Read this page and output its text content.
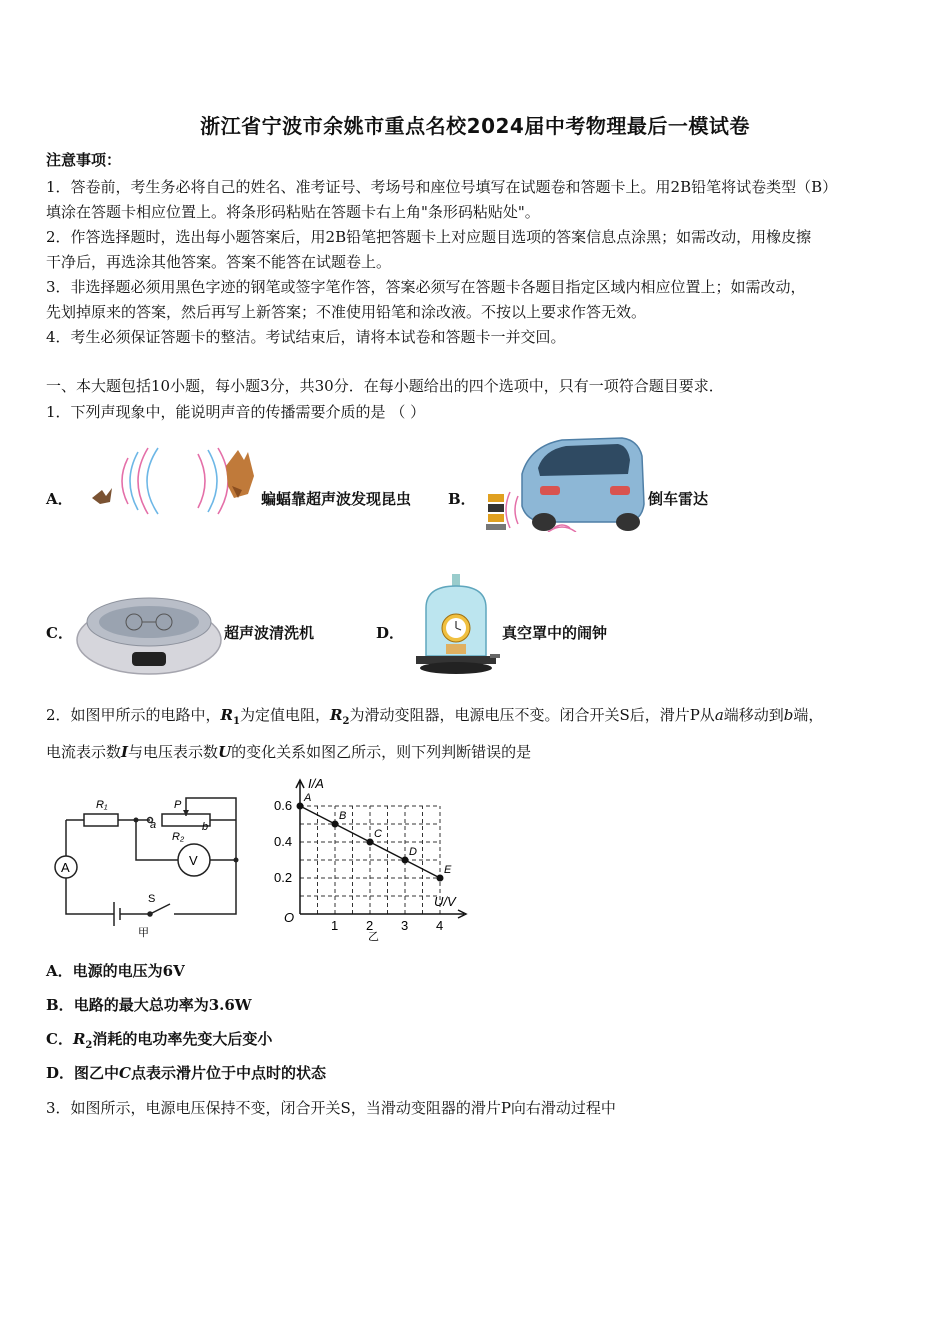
浙江省宁波市余姚市重点名校2024届中考物理最后一模试卷
注意事项：
1．答卷前，考生务必将自己的姓名、准考证号、考场号和座位号填写在试题卷和答题卡上。用2B铅笔将试卷类型（B）
填涂在答题卡相应位置上。将条形码粘贴在答题卡右上角"条形码粘贴处"。
2．作答选择题时，选出每小题答案后，用2B铅笔把答题卡上对应题目选项的答案信息点涂黑；如需改动，用橡皮擦
干净后，再选涂其他答案。答案不能答在试题卷上。
3．非选择题必须用黑色字迹的钢笔或签字笔作答，答案必须写在答题卡各题目指定区域内相应位置上；如需改动，
先划掉原来的答案，然后再写上新答案；不准使用铅笔和涂改液。不按以上要求作答无效。
4．考生必须保证答题卡的整洁。考试结束后，请将本试卷和答题卡一并交回。
一、本大题包括10小题，每小题3分，共30分．在每小题给出的四个选项中，只有一项符合题目要求．
1．下列声现象中，能说明声音的传播需要介质的是 （ ）
A．	蝙蝠靠超声波发现昆虫 B．	倒车雷达
C．	超声波清洗机	D．	真空罩中的闹钟
2．如图甲所示的电路中，$R_1$为定值电阻，$R_2$为滑动变阻器，电源电压不变。闭合开关S后，滑片P从a端移动到b端，
电流表示数I与电压表示数U的变化关系如图乙所示，则下列判断错误的是
R₁
R₂
P
a	b
A	V
S
甲	1 2 3 4
0.2
0.4
0.6 A
B
C
D
E
I/A
U/V
O
乙
A．电源的电压为6V
B．电路的最大总功率为3.6W
C．$R_2$消耗的电功率先变大后变小
D．图乙中C点表示滑片位于中点时的状态
3．如图所示，电源电压保持不变，闭合开关S，当滑动变阻器的滑片P向右滑动过程中
